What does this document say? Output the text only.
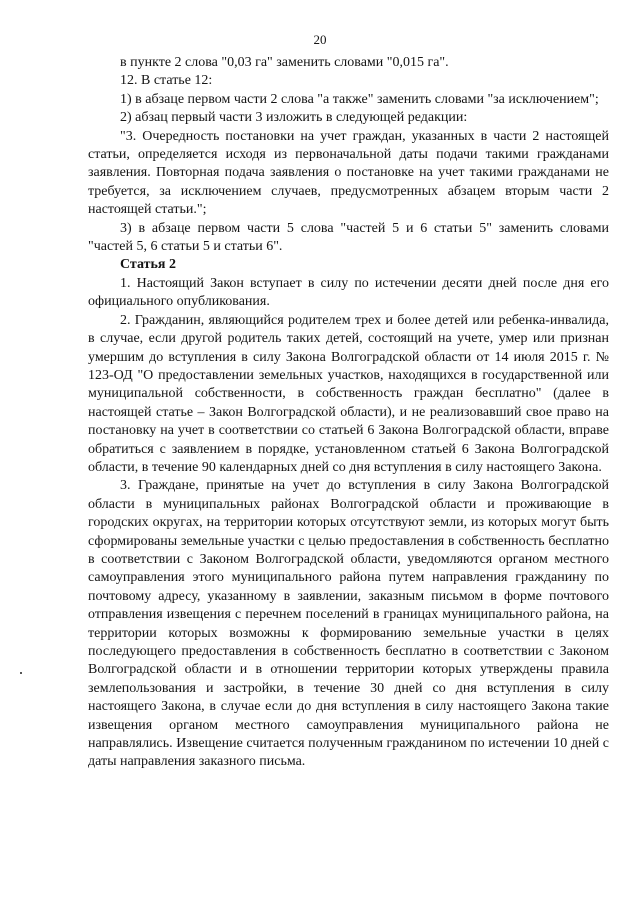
20

в пункте 2 слова "0,03 га" заменить словами "0,015 га".

12. В статье 12:

1) в абзаце первом части 2 слова "а также" заменить словами "за исключением";

2) абзац первый части 3 изложить в следующей редакции:

"3. Очередность постановки на учет граждан, указанных в части 2 настоящей статьи, определяется исходя из первоначальной даты подачи такими гражданами заявления. Повторная подача заявления о постановке на учет такими гражданами не требуется, за исключением случаев, предусмотренных абзацем вторым части 2 настоящей статьи.";

3) в абзаце первом части 5 слова "частей 5 и 6 статьи 5" заменить словами "частей 5, 6 статьи 5 и статьи 6".

Статья 2

1. Настоящий Закон вступает в силу по истечении десяти дней после дня его официального опубликования.

2. Гражданин, являющийся родителем трех и более детей или ребенка-инвалида, в случае, если другой родитель таких детей, состоящий на учете, умер или признан умершим до вступления в силу Закона Волгоградской области от 14 июля 2015 г. № 123-ОД "О предоставлении земельных участков, находящихся в государственной или муниципальной собственности, в собственность граждан бесплатно" (далее в настоящей статье – Закон Волгоградской области), и не реализовавший свое право на постановку на учет в соответствии со статьей 6 Закона Волгоградской области, вправе обратиться с заявлением в порядке, установленном статьей 6 Закона Волгоградской области, в течение 90 календарных дней со дня вступления в силу настоящего Закона.

3. Граждане, принятые на учет до вступления в силу Закона Волгоградской области в муниципальных районах Волгоградской области и проживающие в городских округах, на территории которых отсутствуют земли, из которых могут быть сформированы земельные участки с целью предоставления в собственность бесплатно в соответствии с Законом Волгоградской области, уведомляются органом местного самоуправления этого муниципального района путем направления гражданину по почтовому адресу, указанному в заявлении, заказным письмом в форме почтового отправления извещения с перечнем поселений в границах муниципального района, на территории которых возможны к формированию земельные участки в целях последующего предоставления в собственность бесплатно в соответствии с Законом Волгоградской области и в отношении территории которых утверждены правила землепользования и застройки, в течение 30 дней со дня вступления в силу настоящего Закона, в случае если до дня вступления в силу настоящего Закона такие извещения органом местного самоуправления муниципального района не направлялись. Извещение считается полученным гражданином по истечении 10 дней с даты направления заказного письма.
